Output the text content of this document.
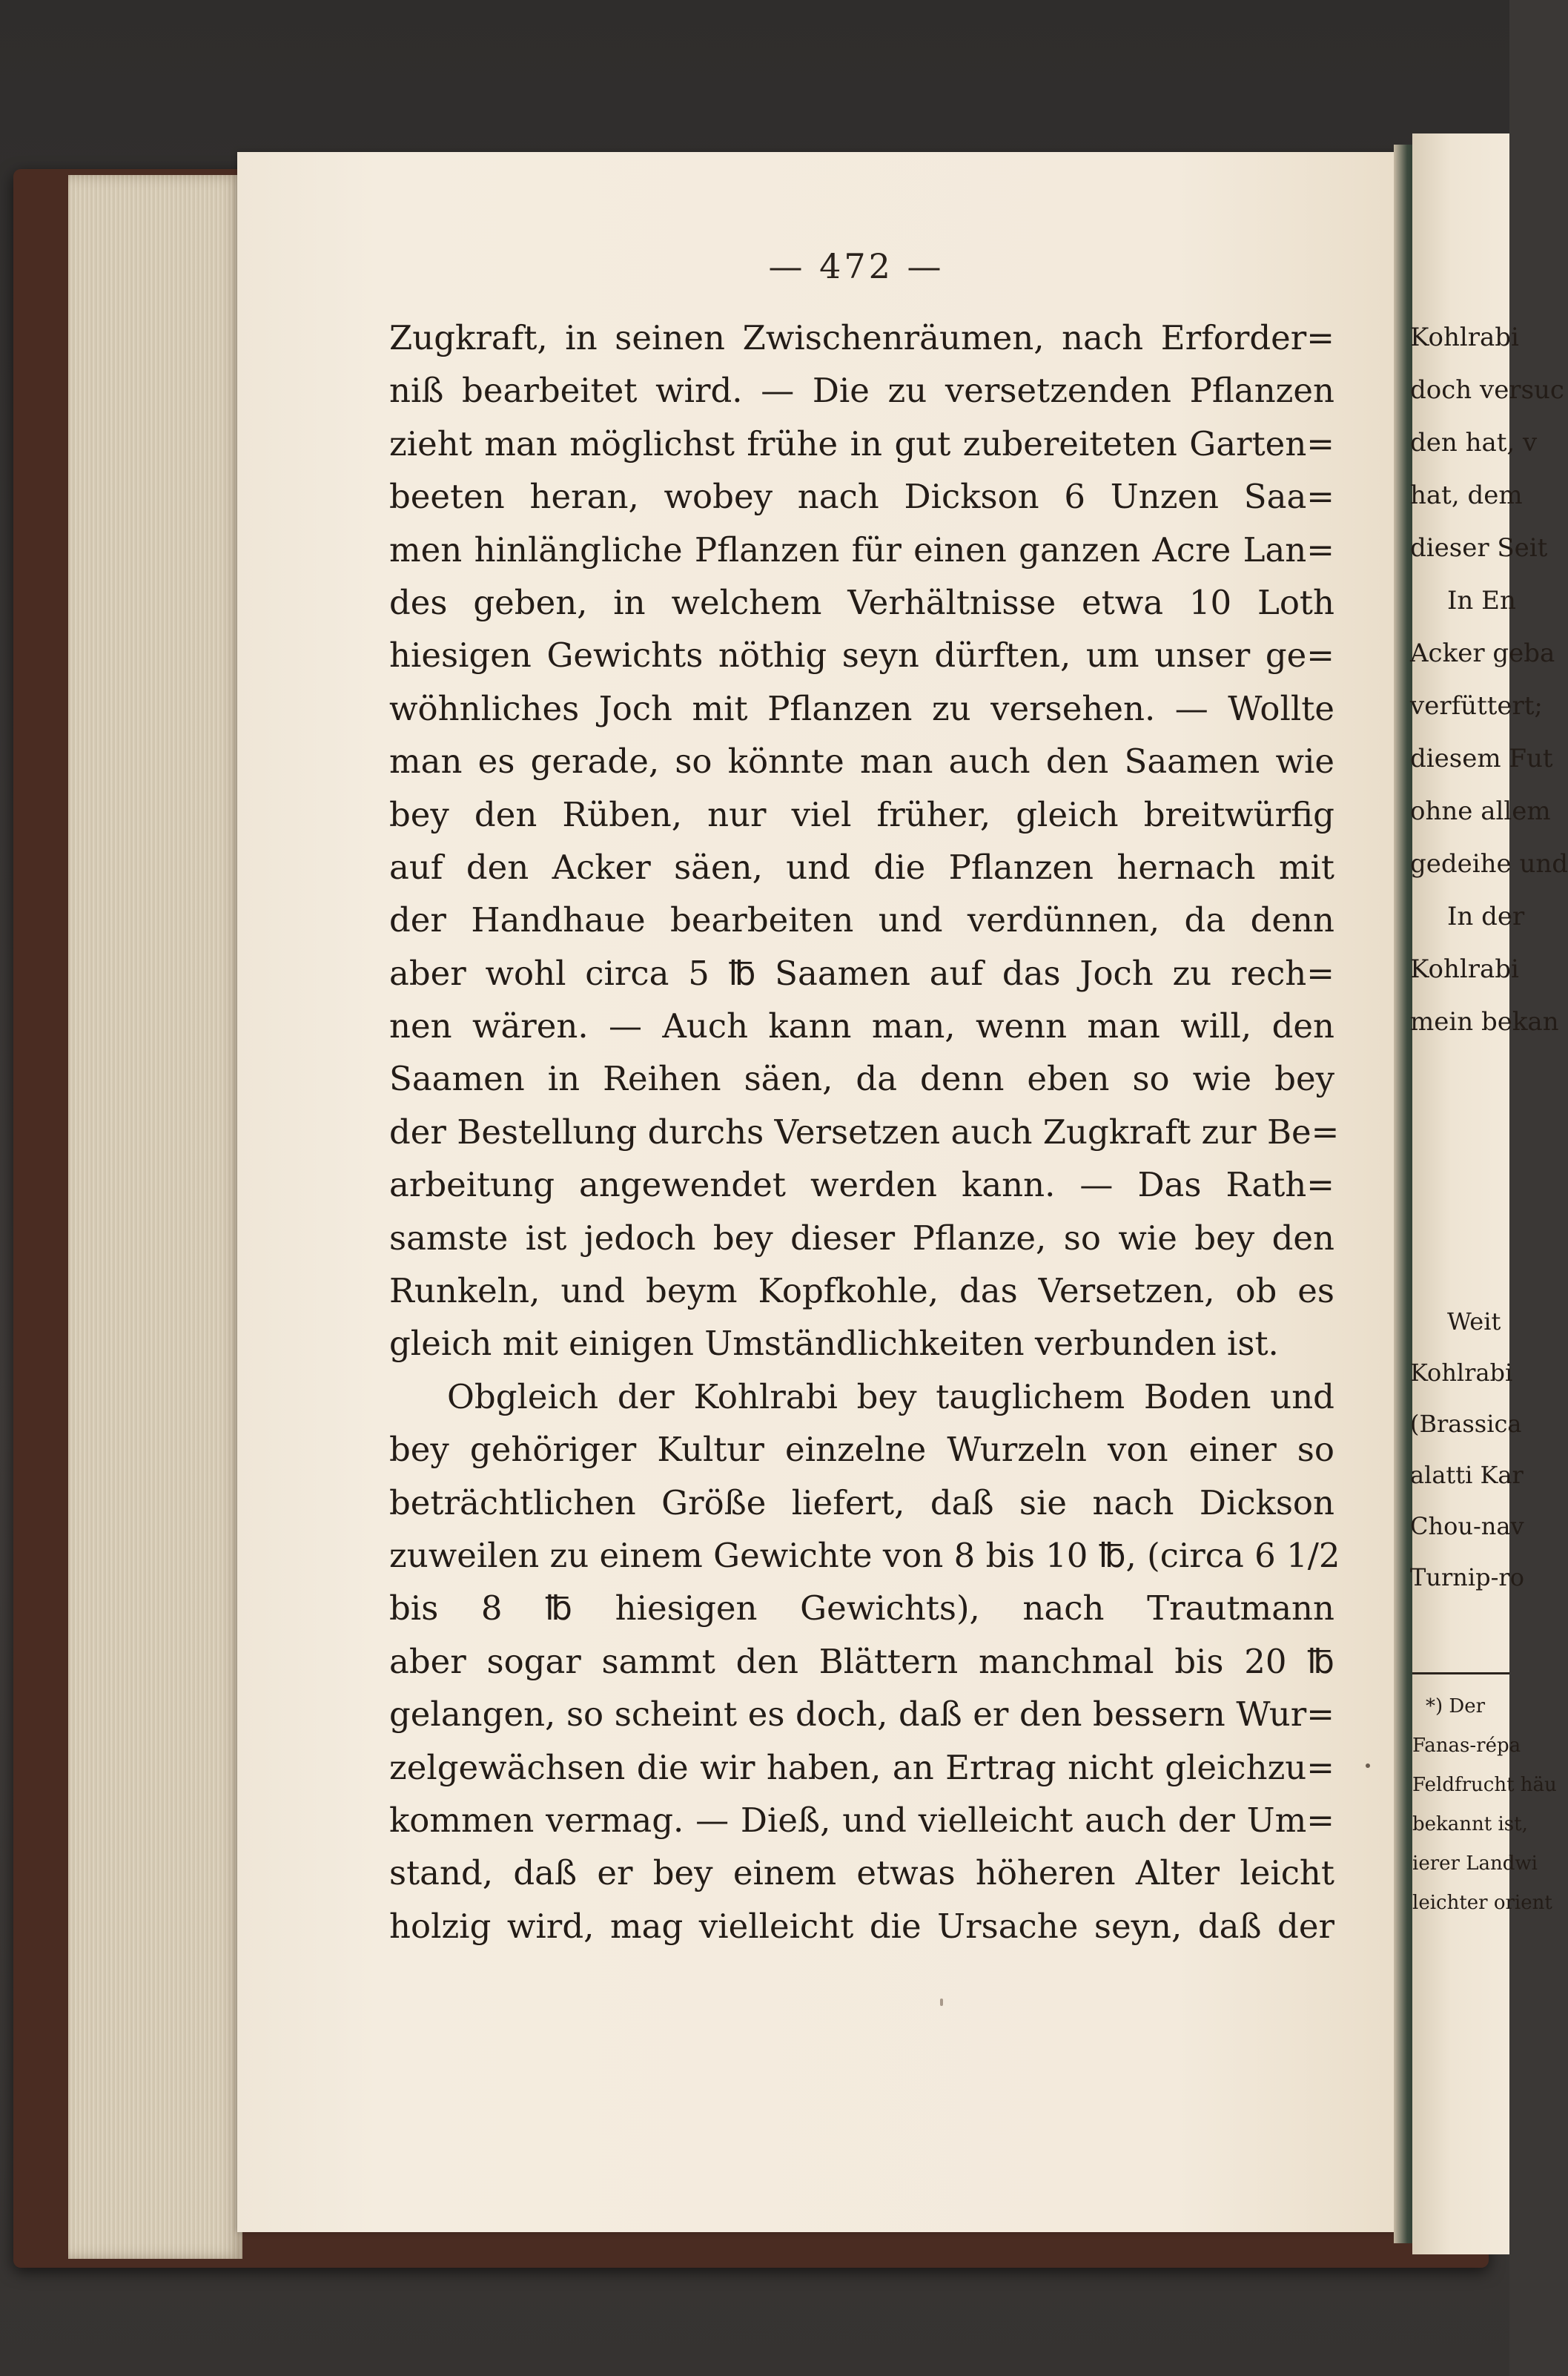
— 472 —
Zugkraft, in seinen Zwischenräumen, nach Erforder=
niß bearbeitet wird. — Die zu versetzenden Pflanzen
zieht man möglichst frühe in gut zubereiteten Garten=
beeten heran, wobey nach Dickson 6 Unzen Saa=
men hinlängliche Pflanzen für einen ganzen Acre Lan=
des geben, in welchem Verhältnisse etwa 10 Loth
hiesigen Gewichts nöthig seyn dürften, um unser ge=
wöhnliches Joch mit Pflanzen zu versehen. — Wollte
man es gerade, so könnte man auch den Saamen wie
bey den Rüben, nur viel früher, gleich breitwürfig
auf den Acker säen, und die Pflanzen hernach mit
der Handhaue bearbeiten und verdünnen, da denn
aber wohl circa 5 ℔ Saamen auf das Joch zu rech=
nen wären. — Auch kann man, wenn man will, den
Saamen in Reihen säen, da denn eben so wie bey
der Bestellung durchs Versetzen auch Zugkraft zur Be=
arbeitung angewendet werden kann. — Das Rath=
samste ist jedoch bey dieser Pflanze, so wie bey den
Runkeln, und beym Kopfkohle, das Versetzen, ob es
gleich mit einigen Umständlichkeiten verbunden ist.
Obgleich der Kohlrabi bey tauglichem Boden und
bey gehöriger Kultur einzelne Wurzeln von einer so
beträchtlichen Größe liefert, daß sie nach Dickson
zuweilen zu einem Gewichte von 8 bis 10 ℔, (circa 6 1/2
bis 8 ℔ hiesigen Gewichts), nach Trautmann
aber sogar sammt den Blättern manchmal bis 20 ℔
gelangen, so scheint es doch, daß er den bessern Wur=
zelgewächsen die wir haben, an Ertrag nicht gleichzu=
kommen vermag. — Dieß, und vielleicht auch der Um=
stand, daß er bey einem etwas höheren Alter leicht
holzig wird, mag vielleicht die Ursache seyn, daß der
Kohlrabi
doch versuc
den hat, v
hat, dem
dieser Seit
In En
Acker geba
verfüttert;
diesem Fut
ohne allem
gedeihe und
In der
Kohlrabi
mein bekan
Weit
Kohlrabi
(Brassica
alatti Kar
Chou-nav
Turnip-ro
*) Der
Fanas-répa
Feldfrucht häu
bekannt ist,
ierer Landwi
leichter orient
